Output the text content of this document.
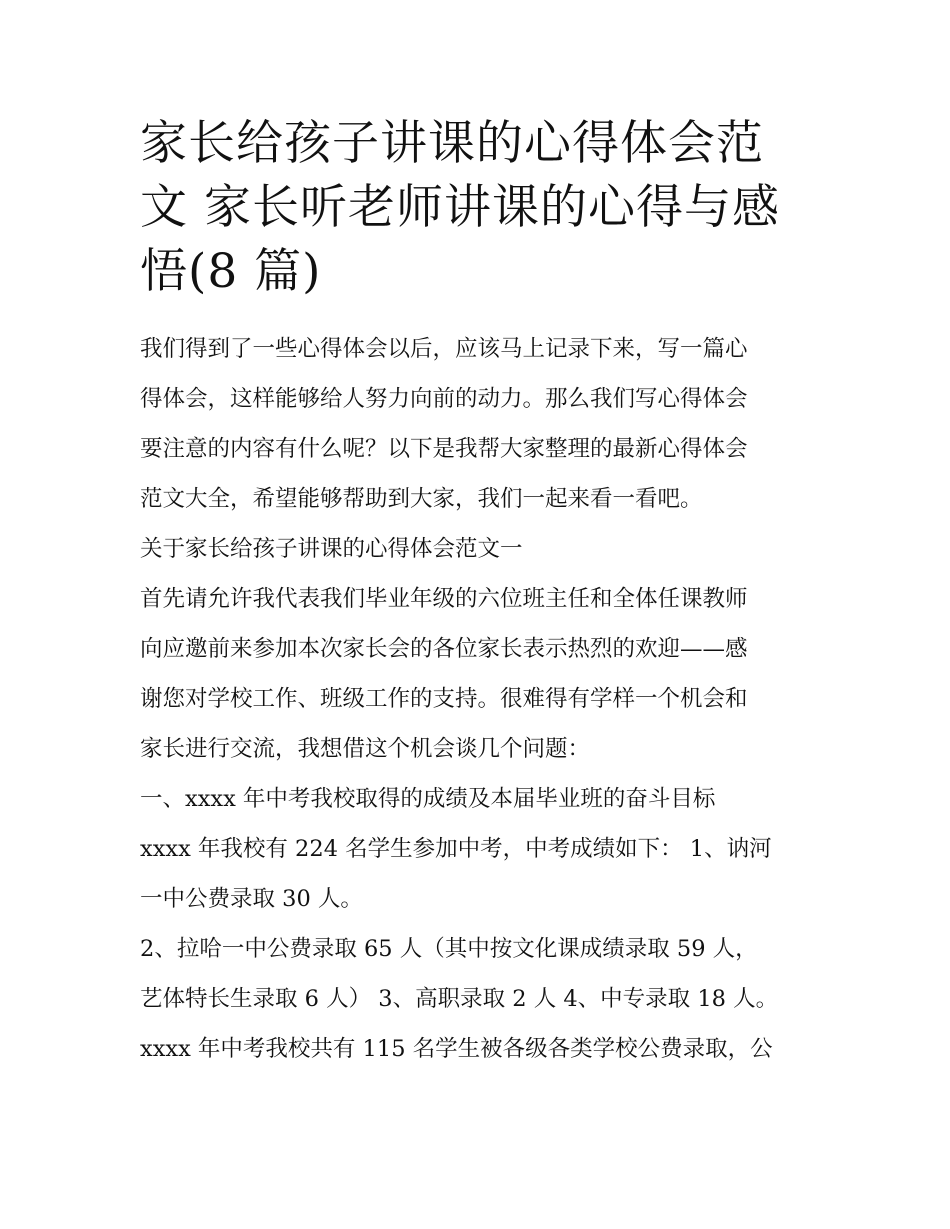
家长给孩子讲课的心得体会范
文 家长听老师讲课的心得与感
悟(8 篇)

我们得到了一些心得体会以后，应该马上记录下来，写一篇心
得体会，这样能够给人努力向前的动力。那么我们写心得体会
要注意的内容有什么呢？以下是我帮大家整理的最新心得体会
范文大全，希望能够帮助到大家，我们一起来看一看吧。

关于家长给孩子讲课的心得体会范文一

首先请允许我代表我们毕业年级的六位班主任和全体任课教师
向应邀前来参加本次家长会的各位家长表示热烈的欢迎——感
谢您对学校工作、班级工作的支持。很难得有学样一个机会和
家长进行交流，我想借这个机会谈几个问题：

一、xxxx 年中考我校取得的成绩及本届毕业班的奋斗目标

xxxx 年我校有 224 名学生参加中考，中考成绩如下： 1、讷河
一中公费录取 30 人。

2、拉哈一中公费录取 65 人（其中按文化课成绩录取 59 人，
艺体特长生录取 6 人） 3、高职录取 2 人 4、中专录取 18 人。

xxxx 年中考我校共有 115 名学生被各级各类学校公费录取，公
